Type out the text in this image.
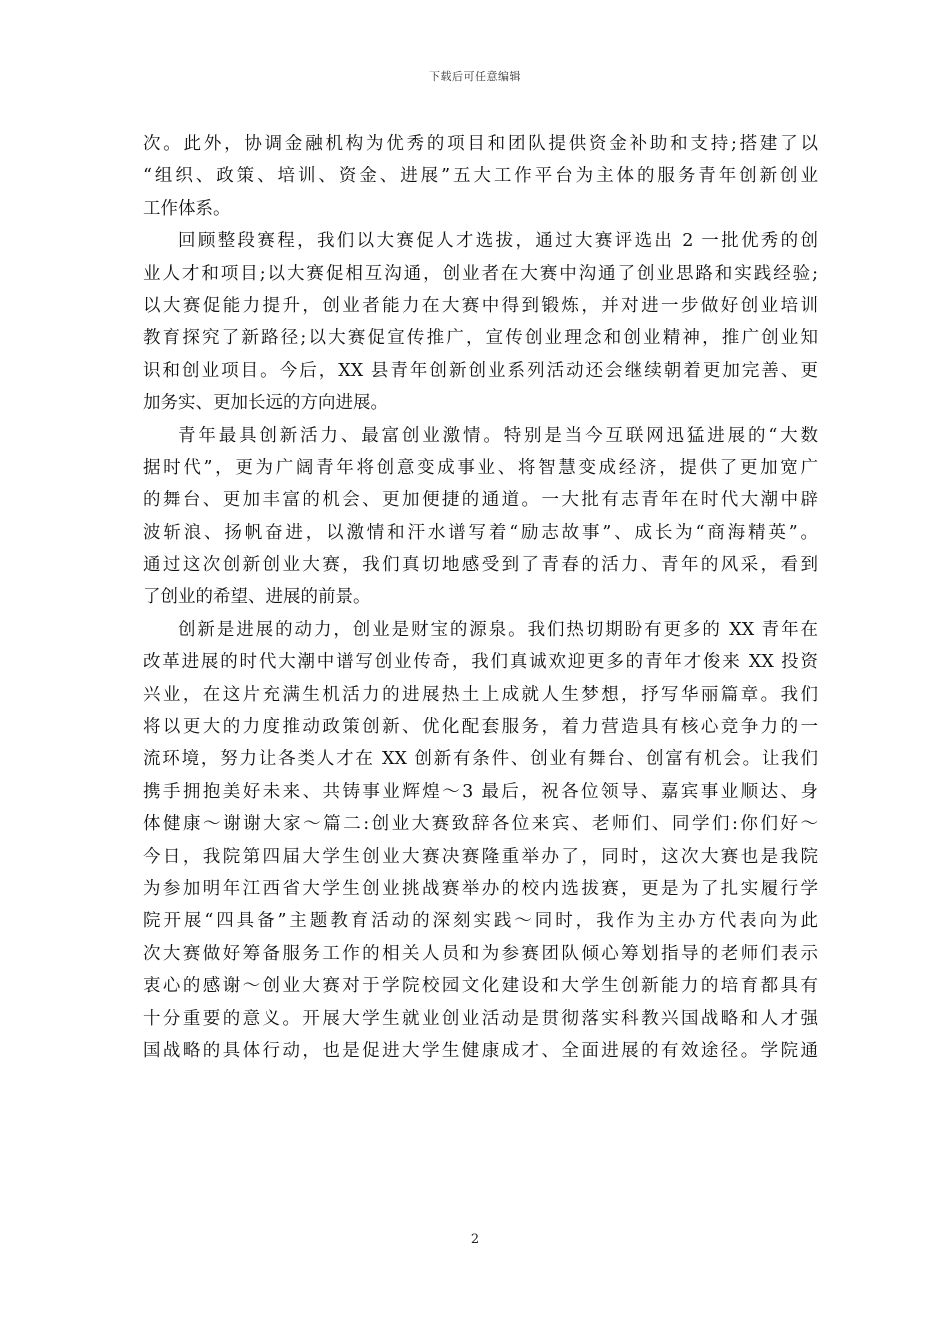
下载后可任意编辑
次。此外，协调金融机构为优秀的项目和团队提供资金补助和支持;搭建了以
“组织、政策、培训、资金、进展”五大工作平台为主体的服务青年创新创业
工作体系。
回顾整段赛程，我们以大赛促人才选拔，通过大赛评选出 2 一批优秀的创
业人才和项目;以大赛促相互沟通，创业者在大赛中沟通了创业思路和实践经验;
以大赛促能力提升，创业者能力在大赛中得到锻炼，并对进一步做好创业培训
教育探究了新路径;以大赛促宣传推广，宣传创业理念和创业精神，推广创业知
识和创业项目。今后，XX 县青年创新创业系列活动还会继续朝着更加完善、更
加务实、更加长远的方向进展。
青年最具创新活力、最富创业激情。特别是当今互联网迅猛进展的“大数
据时代”，更为广阔青年将创意变成事业、将智慧变成经济，提供了更加宽广
的舞台、更加丰富的机会、更加便捷的通道。一大批有志青年在时代大潮中辟
波斩浪、扬帆奋进，以激情和汗水谱写着“励志故事”、成长为“商海精英”。
通过这次创新创业大赛，我们真切地感受到了青春的活力、青年的风采，看到
了创业的希望、进展的前景。
创新是进展的动力，创业是财宝的源泉。我们热切期盼有更多的 XX 青年在
改革进展的时代大潮中谱写创业传奇，我们真诚欢迎更多的青年才俊来 XX 投资
兴业，在这片充满生机活力的进展热土上成就人生梦想，抒写华丽篇章。我们
将以更大的力度推动政策创新、优化配套服务，着力营造具有核心竞争力的一
流环境，努力让各类人才在 XX 创新有条件、创业有舞台、创富有机会。让我们
携手拥抱美好未来、共铸事业辉煌～3 最后，祝各位领导、嘉宾事业顺达、身
体健康～谢谢大家～篇二:创业大赛致辞各位来宾、老师们、同学们:你们好～
今日，我院第四届大学生创业大赛决赛隆重举办了，同时，这次大赛也是我院
为参加明年江西省大学生创业挑战赛举办的校内选拔赛，更是为了扎实履行学
院开展“四具备”主题教育活动的深刻实践～同时，我作为主办方代表向为此
次大赛做好筹备服务工作的相关人员和为参赛团队倾心筹划指导的老师们表示
衷心的感谢～创业大赛对于学院校园文化建设和大学生创新能力的培育都具有
十分重要的意义。开展大学生就业创业活动是贯彻落实科教兴国战略和人才强
国战略的具体行动，也是促进大学生健康成才、全面进展的有效途径。学院通
2
